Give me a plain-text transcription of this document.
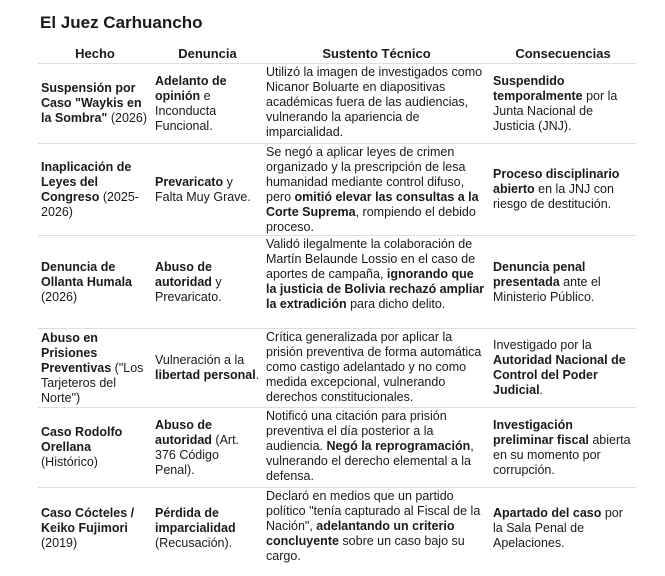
El Juez Carhuancho
Hecho	Denuncia	Sustento Técnico	Consecuencias
Suspensión por Caso "Waykis en la Sombra" (2026)	Adelanto de opinión e Inconducta Funcional.	Utilizó la imagen de investigados como Nicanor Boluarte en diapositivas académicas fuera de las audiencias, vulnerando la apariencia de imparcialidad.	Suspendido temporalmente por la Junta Nacional de Justicia (JNJ).
Inaplicación de Leyes del Congreso (2025-2026)	Prevaricato y Falta Muy Grave.	Se negó a aplicar leyes de crimen organizado y la prescripción de lesa humanidad mediante control difuso, pero omitió elevar las consultas a la Corte Suprema, rompiendo el debido proceso.	Proceso disciplinario abierto en la JNJ con riesgo de destitución.
Denuncia de Ollanta Humala (2026)	Abuso de autoridad y Prevaricato.	Validó ilegalmente la colaboración de Martín Belaunde Lossio en el caso de aportes de campaña, ignorando que la justicia de Bolivia rechazó ampliar la extradición para dicho delito.	Denuncia penal presentada ante el Ministerio Público.
Abuso en Prisiones Preventivas ("Los Tarjeteros del Norte")	Vulneración a la libertad personal.	Crítica generalizada por aplicar la prisión preventiva de forma automática como castigo adelantado y no como medida excepcional, vulnerando derechos constitucionales.	Investigado por la Autoridad Nacional de Control del Poder Judicial.
Caso Rodolfo Orellana (Histórico)	Abuso de autoridad (Art. 376 Código Penal).	Notificó una citación para prisión preventiva el día posterior a la audiencia. Negó la reprogramación, vulnerando el derecho elemental a la defensa.	Investigación preliminar fiscal abierta en su momento por corrupción.
Caso Cócteles / Keiko Fujimori (2019)	Pérdida de imparcialidad (Recusación).	Declaró en medios que un partido político "tenía capturado al Fiscal de la Nación", adelantando un criterio concluyente sobre un caso bajo su cargo.	Apartado del caso por la Sala Penal de Apelaciones.
